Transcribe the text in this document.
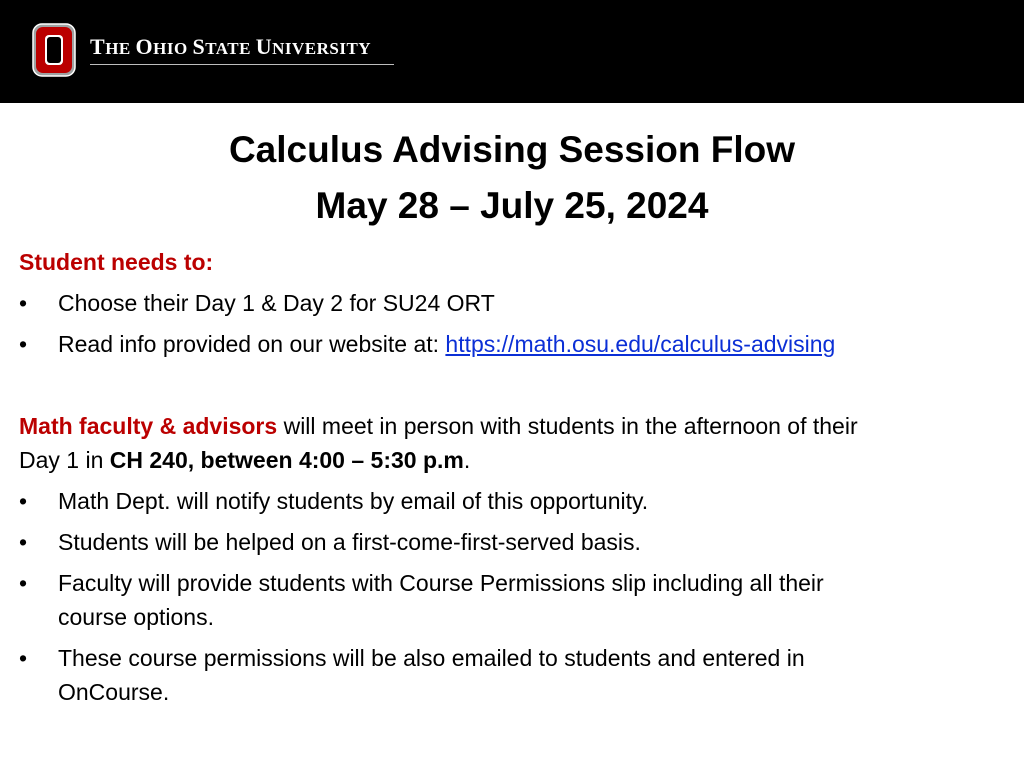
THE OHIO STATE UNIVERSITY
Calculus Advising Session Flow
May 28 – July 25, 2024
Student needs to:
• Choose their Day 1 & Day 2 for SU24 ORT
• Read info provided on our website at: https://math.osu.edu/calculus-advising
Math faculty & advisors will meet in person with students in the afternoon of their
Day 1 in CH 240, between 4:00 – 5:30 p.m.
• Math Dept. will notify students by email of this opportunity.
• Students will be helped on a first-come-first-served basis.
• Faculty will provide students with Course Permissions slip including all their
course options.
• These course permissions will be also emailed to students and entered in
OnCourse.
